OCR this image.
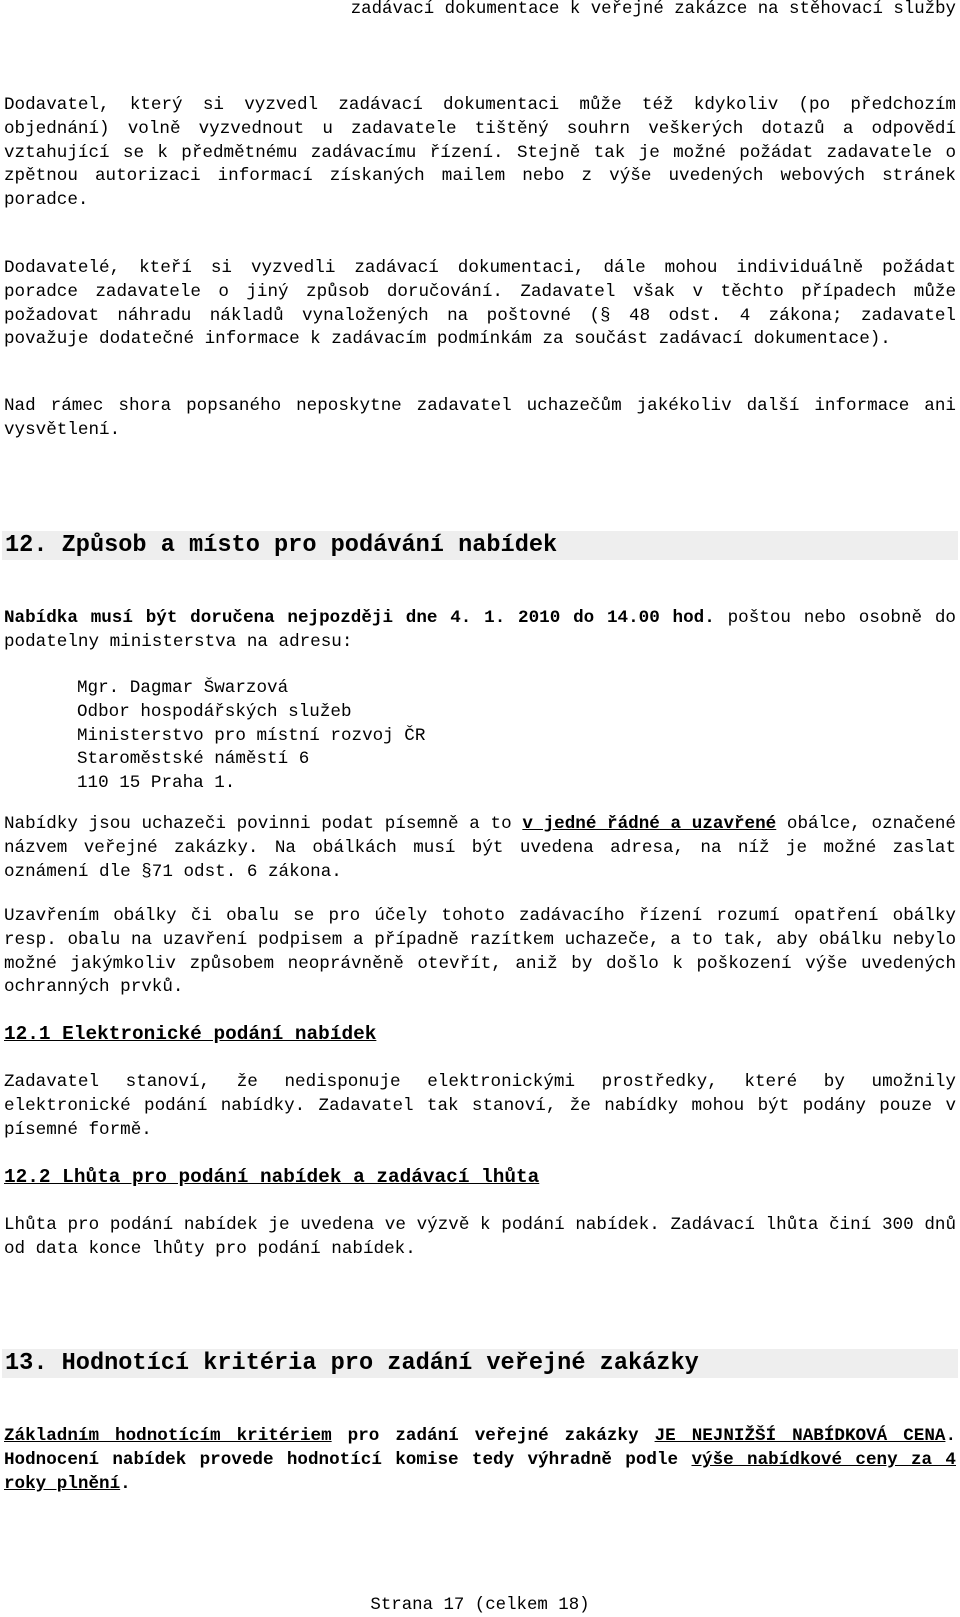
zadávací dokumentace k veřejné zakázce na stěhovací služby

Dodavatel, který si vyzvedl zadávací dokumentaci může též kdykoliv (po předchozím objednání) volně vyzvednout u zadavatele tištěný souhrn veškerých dotazů a odpovědí vztahující se k předmětnému zadávacímu řízení. Stejně tak je možné požádat zadavatele o zpětnou autorizaci informací získaných mailem nebo z výše uvedených webových stránek poradce.

Dodavatelé, kteří si vyzvedli zadávací dokumentaci, dále mohou individuálně požádat poradce zadavatele o jiný způsob doručování. Zadavatel však v těchto případech může požadovat náhradu nákladů vynaložených na poštovné (§ 48 odst. 4 zákona; zadavatel považuje dodatečné informace k zadávacím podmínkám za součást zadávací dokumentace).

Nad rámec shora popsaného neposkytne zadavatel uchazečům jakékoliv další informace ani vysvětlení.

12. Způsob a místo pro podávání nabídek

Nabídka musí být doručena nejpozději dne 4. 1. 2010 do 14.00 hod. poštou nebo osobně do podatelny ministerstva na adresu:

Mgr. Dagmar Šwarzová
Odbor hospodářských služeb
Ministerstvo pro místní rozvoj ČR
Staroměstské náměstí 6
110 15 Praha 1.

Nabídky jsou uchazeči povinni podat písemně a to v jedné řádné a uzavřené obálce, označené názvem veřejné zakázky. Na obálkách musí být uvedena adresa, na níž je možné zaslat oznámení dle §71 odst. 6 zákona.

Uzavřením obálky či obalu se pro účely tohoto zadávacího řízení rozumí opatření obálky resp. obalu na uzavření podpisem a případně razítkem uchazeče, a to tak, aby obálku nebylo možné jakýmkoliv způsobem neoprávněně otevřít, aniž by došlo k poškození výše uvedených ochranných prvků.

12.1 Elektronické podání nabídek

Zadavatel stanoví, že nedisponuje elektronickými prostředky, které by umožnily elektronické podání nabídky. Zadavatel tak stanoví, že nabídky mohou být podány pouze v písemné formě.

12.2 Lhůta pro podání nabídek a zadávací lhůta

Lhůta pro podání nabídek je uvedena ve výzvě k podání nabídek. Zadávací lhůta činí 300 dnů od data konce lhůty pro podání nabídek.

13. Hodnotící kritéria pro zadání veřejné zakázky

Základním hodnotícím kritériem pro zadání veřejné zakázky JE NEJNIŽŠÍ NABÍDKOVÁ CENA. Hodnocení nabídek provede hodnotící komise tedy výhradně podle výše nabídkové ceny za 4 roky plnění.

Strana 17 (celkem 18)
